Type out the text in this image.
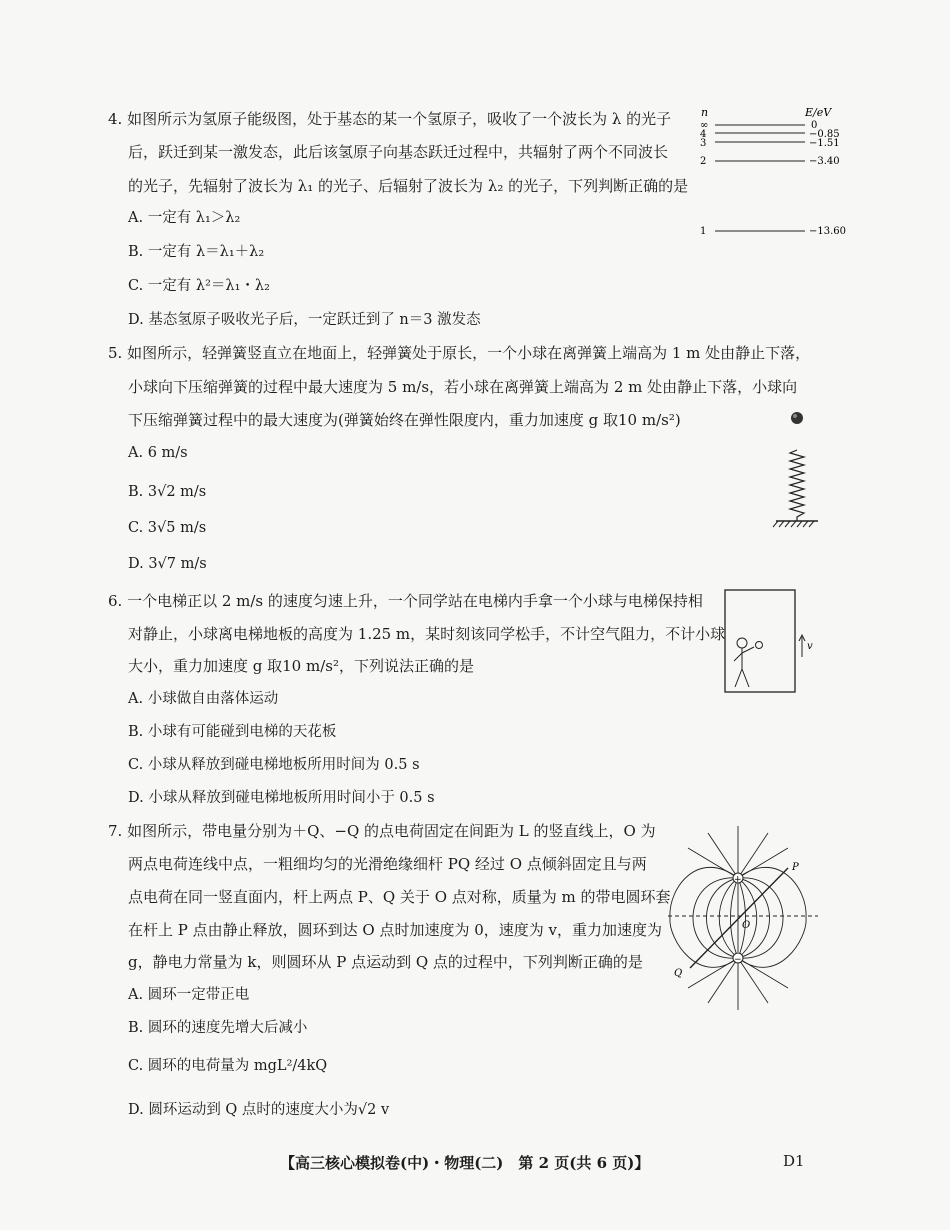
4. 如图所示为氢原子能级图，处于基态的某一个氢原子，吸收了一个波长为 λ 的光子
后，跃迁到某一激发态，此后该氢原子向基态跃迁过程中，共辐射了两个不同波长
的光子，先辐射了波长为 λ₁ 的光子、后辐射了波长为 λ₂ 的光子，下列判断正确的是
A. 一定有 λ₁＞λ₂
B. 一定有 λ＝λ₁＋λ₂
C. 一定有 λ²＝λ₁・λ₂
D. 基态氢原子吸收光子后，一定跃迁到了 n＝3 激发态
n	E/eV
∞	0
4	−0.85
3	−1.51
2	−3.40
1	−13.60
5. 如图所示，轻弹簧竖直立在地面上，轻弹簧处于原长，一个小球在离弹簧上端高为 1 m 处由静止下落，
小球向下压缩弹簧的过程中最大速度为 5 m/s，若小球在离弹簧上端高为 2 m 处由静止下落，小球向
下压缩弹簧过程中的最大速度为(弹簧始终在弹性限度内，重力加速度 g 取10 m/s²)
A. 6 m/s
B. 3√2 m/s
C. 3√5 m/s
D. 3√7 m/s
6. 一个电梯正以 2 m/s 的速度匀速上升，一个同学站在电梯内手拿一个小球与电梯保持相
对静止，小球离电梯地板的高度为 1.25 m，某时刻该同学松手，不计空气阻力，不计小球
大小，重力加速度 g 取10 m/s²，下列说法正确的是
A. 小球做自由落体运动
B. 小球有可能碰到电梯的天花板
C. 小球从释放到碰电梯地板所用时间为 0.5 s
D. 小球从释放到碰电梯地板所用时间小于 0.5 s
v
7. 如图所示，带电量分别为＋Q、−Q 的点电荷固定在间距为 L 的竖直线上，O 为
两点电荷连线中点，一粗细均匀的光滑绝缘细杆 PQ 经过 O 点倾斜固定且与两
点电荷在同一竖直面内，杆上两点 P、Q 关于 O 点对称，质量为 m 的带电圆环套
在杆上 P 点由静止释放，圆环到达 O 点时加速度为 0，速度为 v，重力加速度为
g，静电力常量为 k，则圆环从 P 点运动到 Q 点的过程中，下列判断正确的是
A. 圆环一定带正电
B. 圆环的速度先增大后减小
C. 圆环的电荷量为 mgL²/4kQ
D. 圆环运动到 Q 点时的速度大小为√2 v
+
−
O
P
Q
【高三核心模拟卷(中)・物理(二)　第 2 页(共 6 页)】	D1
